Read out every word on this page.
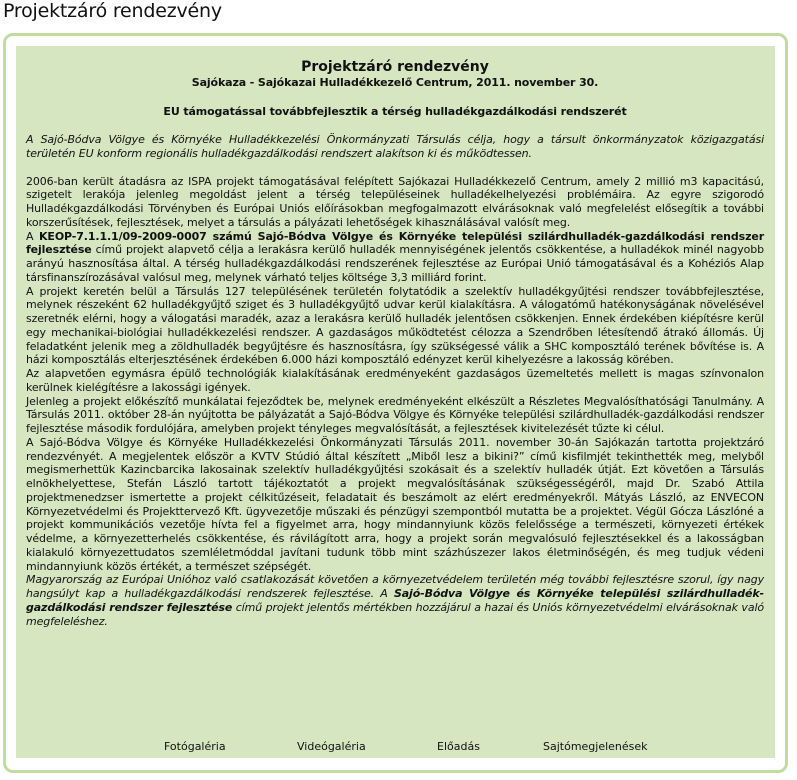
Projektzáró rendezvény
Projektzáró rendezvény
Sajókaza - Sajókazai Hulladékkezelő Centrum, 2011. november 30.
EU támogatással továbbfejlesztik a térség hulladékgazdálkodási rendszerét
A Sajó-Bódva Völgye és Környéke Hulladékkezelési Önkormányzati Társulás célja, hogy a társult önkormányzatok közigazgatási területén EU konform regionális hulladékgazdálkodási rendszert alakítson ki és működtessen.

2006-ban került átadásra az ISPA projekt támogatásával felépített Sajókazai Hulladékkezelő Centrum, amely 2 millió m3 kapacitású, szigetelt lerakója jelenleg megoldást jelent a térség településeinek hulladékelhelyezési problémáira. Az egyre szigorodó Hulladékgazdálkodási Törvényben és Európai Uniós előírásokban megfogalmazott elvárásoknak való megfelelést elősegítik a további korszerűsítések, fejlesztések, melyet a társulás a pályázati lehetőségek kihasználásával valósít meg.

A KEOP-7.1.1.1/09-2009-0007 számú Sajó-Bódva Völgye és Környéke települési szilárdhulladék-gazdálkodási rendszer fejlesztése című projekt alapvető célja a lerakásra kerülő hulladék mennyiségének jelentős csökkentése, a hulladékok minél nagyobb arányú hasznosítása által. A térség hulladékgazdálkodási rendszerének fejlesztése az Európai Unió támogatásával és a Kohéziós Alap társfinanszírozásával valósul meg, melynek várható teljes költsége 3,3 milliárd forint.

A projekt keretén belül a Társulás 127 településének területén folytatódik a szelektív hulladékgyűjtési rendszer továbbfejlesztése, melynek részeként 62 hulladékgyűjtő sziget és 3 hulladékgyűjtő udvar kerül kialakításra. A válogatómű hatékonyságának növelésével szeretnék elérni, hogy a válogatási maradék, azaz a lerakásra kerülő hulladék jelentősen csökkenjen. Ennek érdekében kiépítésre kerül egy mechanikai-biológiai hulladékkezelési rendszer. A gazdaságos működtetést célozza a Szendrőben létesítendő átrakó állomás. Új feladatként jelenik meg a zöldhulladék begyűjtésre és hasznosításra, így szükségessé válik a SHC komposztáló terének bővítése is. A házi komposztálás elterjesztésének érdekében 6.000 házi komposztáló edényzet kerül kihelyezésre a lakosság körében.

Az alapvetően egymásra épülő technológiák kialakításának eredményeként gazdaságos üzemeltetés mellett is magas színvonalon kerülnek kielégítésre a lakossági igények.

Jelenleg a projekt előkészítő munkálatai fejeződtek be, melynek eredményeként elkészült a Részletes Megvalósíthatósági Tanulmány. A Társulás 2011. október 28-án nyújtotta be pályázatát a Sajó-Bódva Völgye és Környéke települési szilárdhulladék-gazdálkodási rendszer fejlesztése második fordulójára, amelyben projekt tényleges megvalósítását, a fejlesztések kivitelezését tűzte ki célul.

A Sajó-Bódva Völgye és Környéke Hulladékkezelési Önkormányzati Társulás 2011. november 30-án Sajókazán tartotta projektzáró rendezvényét. A megjelentek először a KVTV Stúdió által készített „Miből lesz a bikini?” című kisfilmjét tekinthették meg, melyből megismerhettük Kazincbarcika lakosainak szelektív hulladékgyűjtési szokásait és a szelektív hulladék útját. Ezt követően a Társulás elnökhelyettese, Stefán László tartott tájékoztatót a projekt megvalósításának szükségességéről, majd Dr. Szabó Attila projektmenedzser ismertette a projekt célkitűzéseit, feladatait és beszámolt az elért eredményekről. Mátyás László, az ENVECON Környezetvédelmi és Projekttervező Kft. ügyvezetője műszaki és pénzügyi szempontból mutatta be a projektet. Végül Gócza Lászlóné a projekt kommunikációs vezetője hívta fel a figyelmet arra, hogy mindannyiunk közös felelőssége a természeti, környezeti értékek védelme, a környezetterhelés csökkentése, és rávilágított arra, hogy a projekt során megvalósuló fejlesztésekkel és a lakosságban kialakuló környezettudatos szemléletmóddal javítani tudunk több mint százhúszezer lakos életminőségén, és meg tudjuk védeni mindannyiunk közös értékét, a természet szépségét.

Magyarország az Európai Unióhoz való csatlakozását követően a környezetvédelem területén még további fejlesztésre szorul, így nagy hangsúlyt kap a hulladékgazdálkodási rendszerek fejlesztése. A Sajó-Bódva Völgye és Környéke települési szilárdhulladék-gazdálkodási rendszer fejlesztése című projekt jelentős mértékben hozzájárul a hazai és Uniós környezetvédelmi elvárásoknak való megfeleléshez.

Fotógaléria	Videógaléria	Előadás	Sajtómegjelenések
